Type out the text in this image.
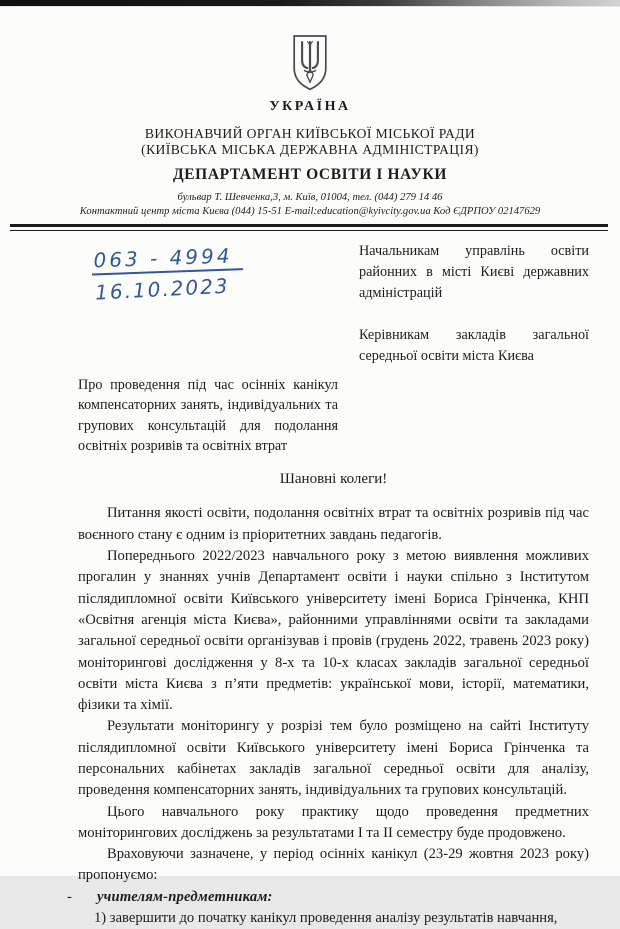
УКРАЇНА
ВИКОНАВЧИЙ ОРГАН КИЇВСЬКОЇ МІСЬКОЇ РАДИ
(КИЇВСЬКА МІСЬКА ДЕРЖАВНА АДМІНІСТРАЦІЯ)
ДЕПАРТАМЕНТ ОСВІТИ І НАУКИ
бульвар Т. Шевченка,3, м. Київ, 01004, тел. (044) 279 14 46
Контактний центр міста Києва (044) 15-51 E-mail:education@kyivcity.gov.ua Код ЄДРПОУ 02147629
063 - 4994
16.10.2023
Начальникам управлінь освіти районних в місті Києві державних адміністрацій
Керівникам закладів загальної середньої освіти міста Києва
Про проведення під час осінніх канікул компенсаторних занять, індивідуальних та групових консультацій для подолання освітніх розривів та освітніх втрат
Шановні колеги!

Питання якості освіти, подолання освітніх втрат та освітніх розривів під час воєнного стану є одним із пріоритетних завдань педагогів.

Попереднього 2022/2023 навчального року з метою виявлення можливих прогалин у знаннях учнів Департамент освіти і науки спільно з Інститутом післядипломної освіти Київського університету імені Бориса Грінченка, КНП «Освітня агенція міста Києва», районними управліннями освіти та закладами загальної середньої освіти організував і провів (грудень 2022, травень 2023 року) моніторингові дослідження у 8-х та 10-х класах закладів загальної середньої освіти міста Києва з п’яти предметів: української мови, історії, математики, фізики та хімії.

Результати моніторингу у розрізі тем було розміщено на сайті Інституту післядипломної освіти Київського університету імені Бориса Грінченка та персональних кабінетах закладів загальної середньої освіти для аналізу, проведення компенсаторних занять, індивідуальних та групових консультацій.

Цього навчального року практику щодо проведення предметних моніторингових досліджень за результатами І та ІІ семестру буде продовжено.

Враховуючи зазначене, у період осінніх канікул (23-29 жовтня 2023 року) пропонуємо:

-	учителям-предметникам:
1) завершити до початку канікул проведення аналізу результатів навчання,
